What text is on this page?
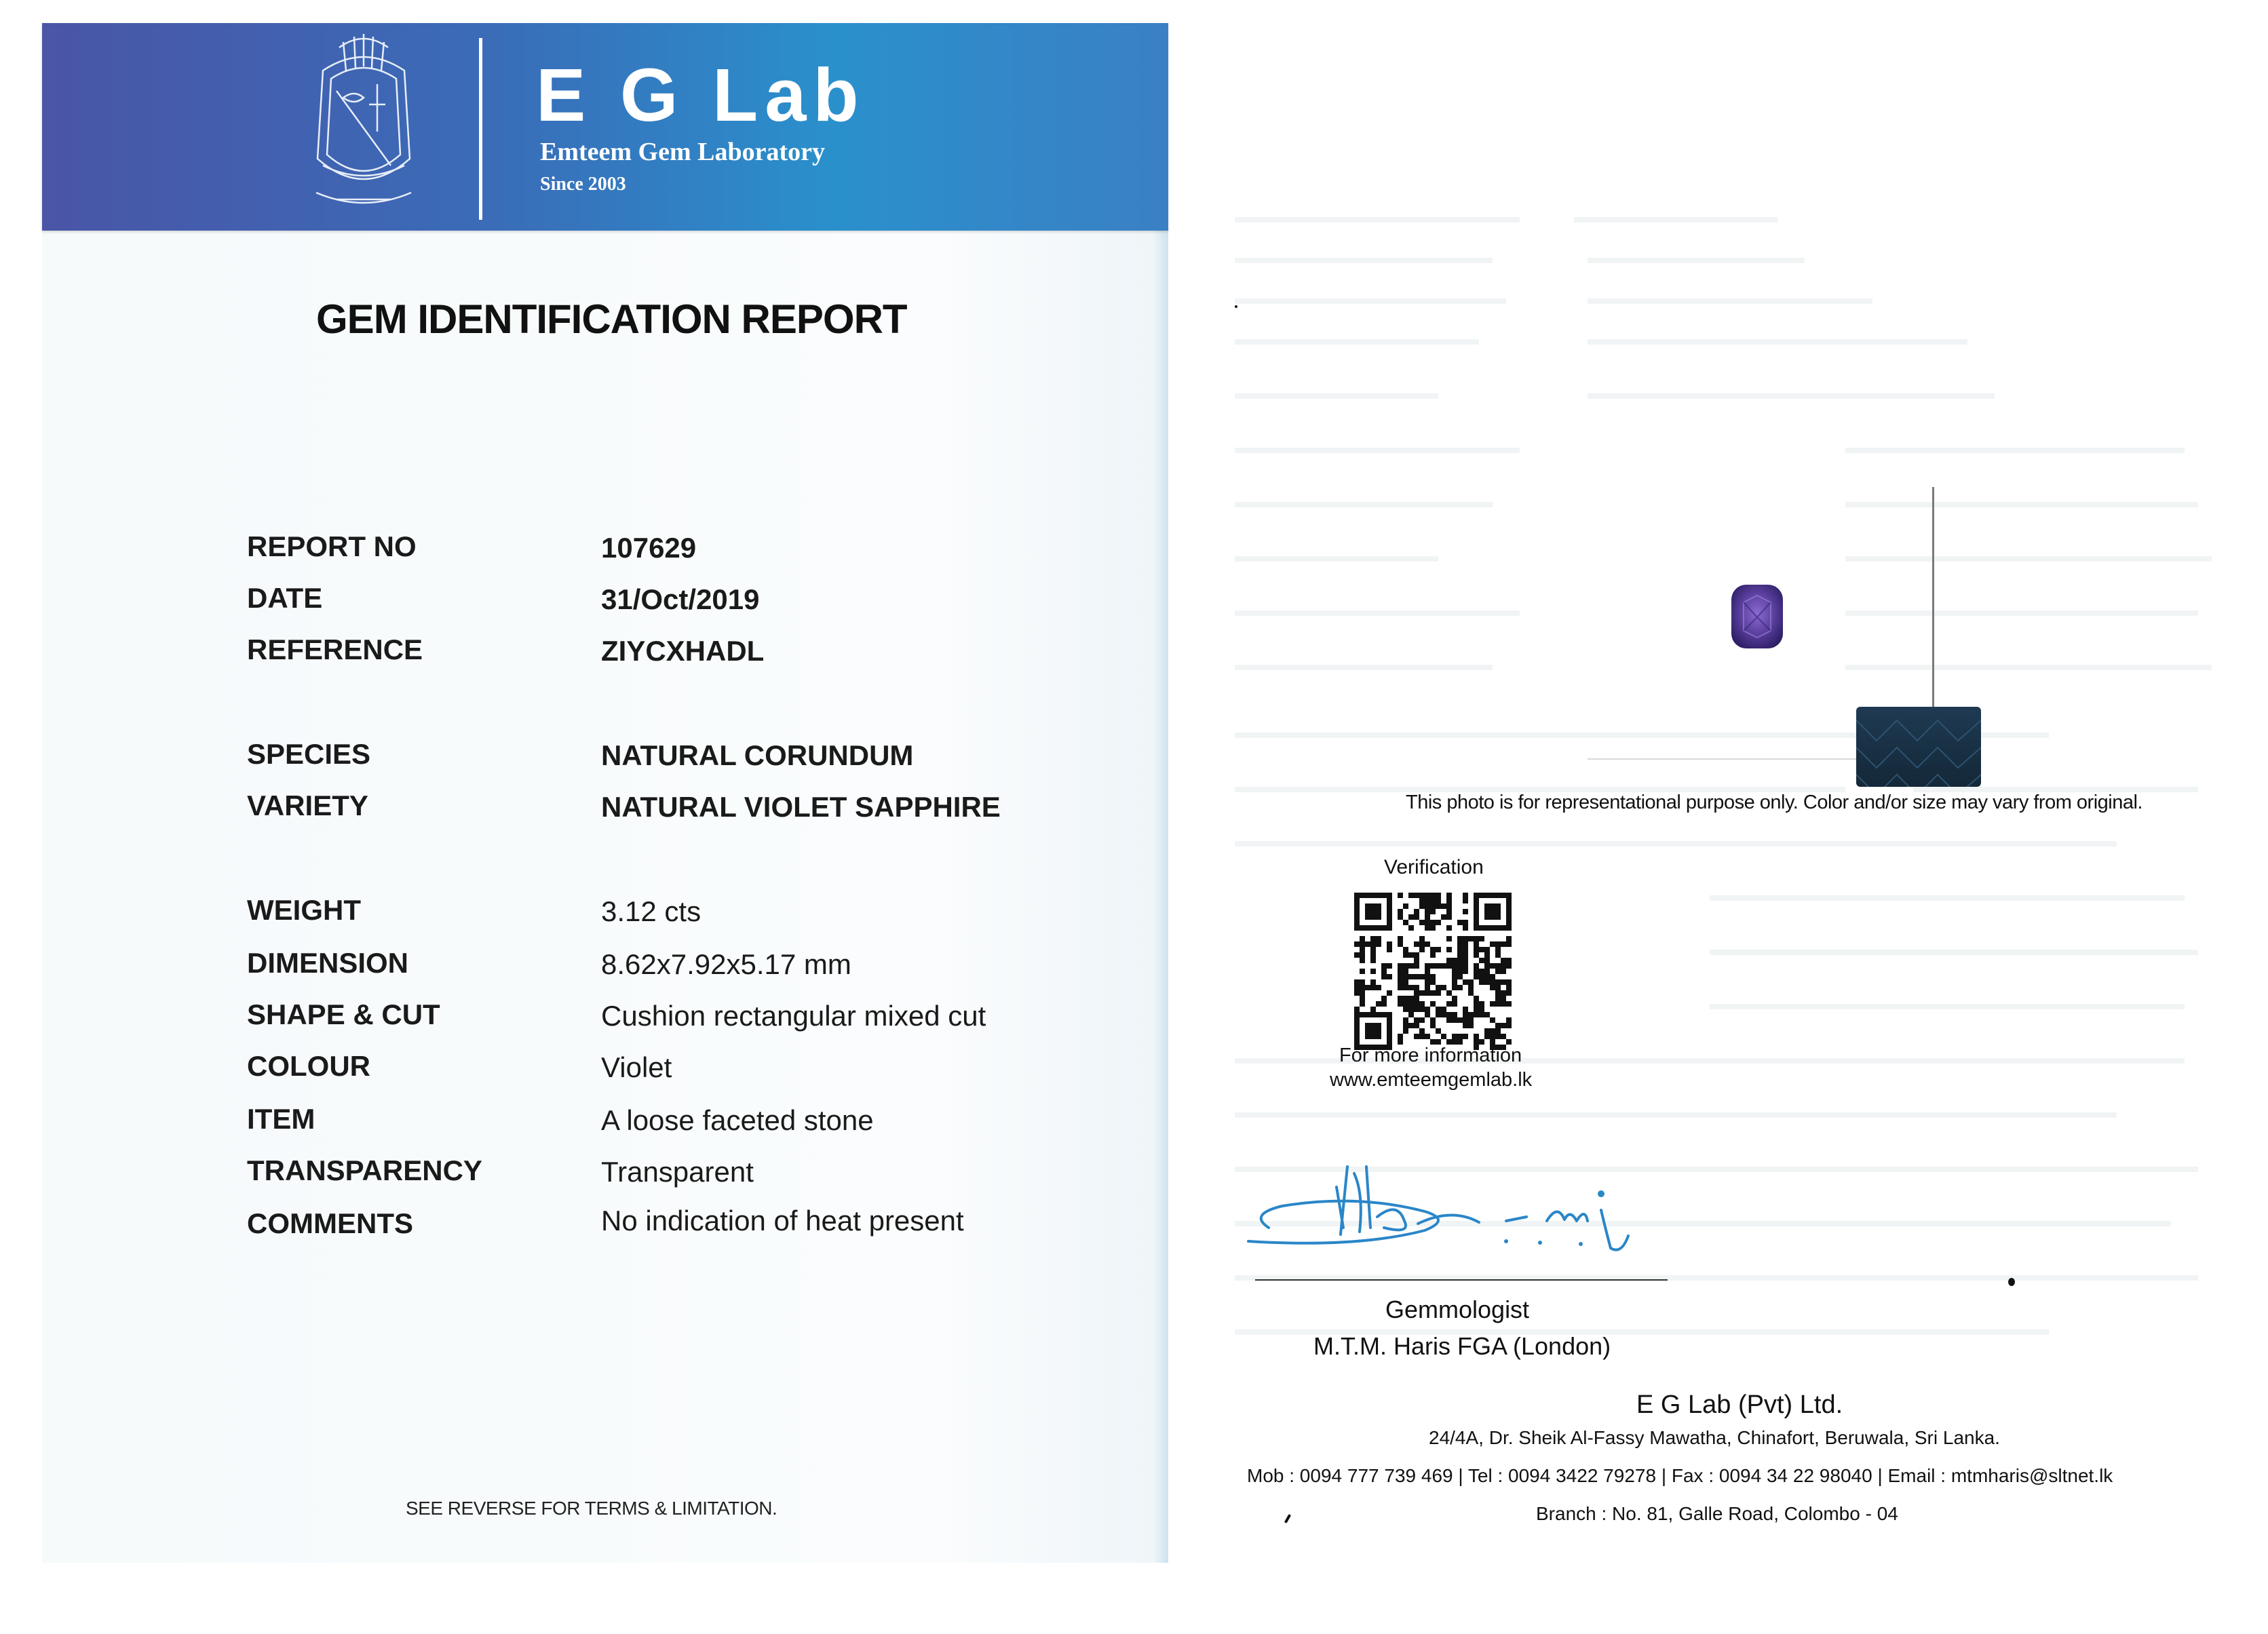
E G Lab
Emteem Gem Laboratory
Since 2003
GEM IDENTIFICATION REPORT
REPORT NO	107629
DATE	31/Oct/2019
REFERENCE	ZIYCXHADL
SPECIES	NATURAL CORUNDUM
VARIETY	NATURAL VIOLET SAPPHIRE
WEIGHT	3.12 cts
DIMENSION	8.62x7.92x5.17 mm
SHAPE & CUT	Cushion rectangular mixed cut
COLOUR	Violet
ITEM	A loose faceted stone
TRANSPARENCY	Transparent
COMMENTS	No indication of heat present
SEE REVERSE FOR TERMS & LIMITATION.
This photo is for representational purpose only. Color and/or size may vary from original.
Verification
For more information
www.emteemgemlab.lk
Gemmologist
M.T.M. Haris FGA (London)
E G Lab (Pvt) Ltd.
24/4A, Dr. Sheik Al-Fassy Mawatha, Chinafort, Beruwala, Sri Lanka.
Mob : 0094 777 739 469 | Tel : 0094 3422 79278 | Fax : 0094 34 22 98040 | Email : mtmharis@sltnet.lk
Branch : No. 81, Galle Road, Colombo - 04
